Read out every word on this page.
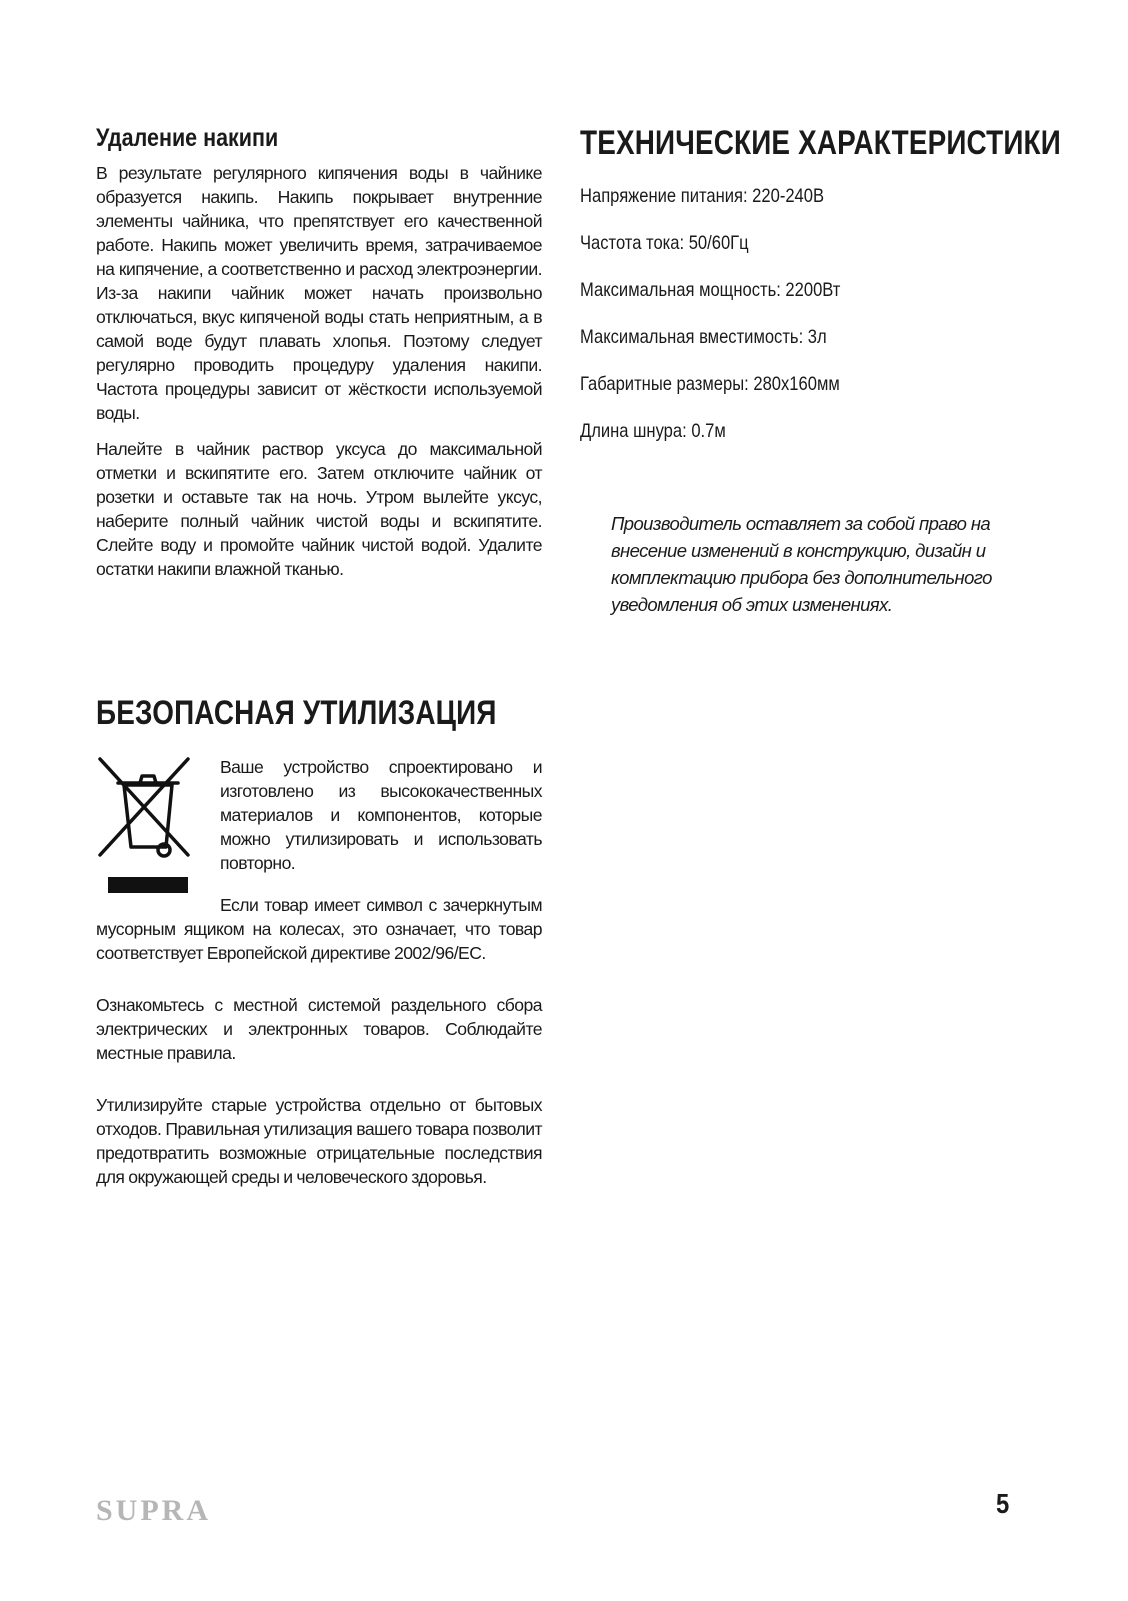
Удаление накипи

В результате регулярного кипячения воды в чайнике образуется накипь. Накипь покрывает внутренние элементы чайника, что препятствует его качественной работе. Накипь может увеличить время, затрачиваемое на кипячение, а соответственно и расход электроэнергии. Из-за накипи чайник может начать произвольно отключаться, вкус кипяченой воды стать неприятным, а в самой воде будут плавать хлопья. Поэтому следует регулярно проводить процедуру удаления накипи. Частота процедуры зависит от жёсткости используемой воды.

Налейте в чайник раствор уксуса до максимальной отметки и вскипятите его. Затем отключите чайник от розетки и оставьте так на ночь. Утром вылейте уксус, наберите полный чайник чистой воды и вскипятите. Слейте воду и промойте чайник чистой водой. Удалите остатки накипи влажной тканью.

ТЕХНИЧЕСКИЕ ХАРАКТЕРИСТИКИ

Напряжение питания: 220-240В

Частота тока: 50/60Гц

Максимальная мощность: 2200Вт

Максимальная вместимость: 3л

Габаритные размеры: 280х160мм

Длина шнура: 0.7м

Производитель оставляет за собой право на внесение изменений в конструкцию, дизайн и комплектацию прибора без дополнительного уведомления об этих изменениях.
БЕЗОПАСНАЯ УТИЛИЗАЦИЯ

Ваше устройство спроектировано и изготовлено из высококачественных материалов и компонентов, которые можно утилизировать и использовать повторно.

Если товар имеет символ с зачеркнутым мусорным ящиком на колесах, это означает, что товар соответствует Европейской директиве 2002/96/EC.

Ознакомьтесь с местной системой раздельного сбора электрических и электронных товаров. Соблюдайте местные правила.

Утилизируйте старые устройства отдельно от бытовых отходов. Правильная утилизация вашего товара позволит предотвратить возможные отрицательные последствия для окружающей среды и человеческого здоровья.

SUPRA	5
